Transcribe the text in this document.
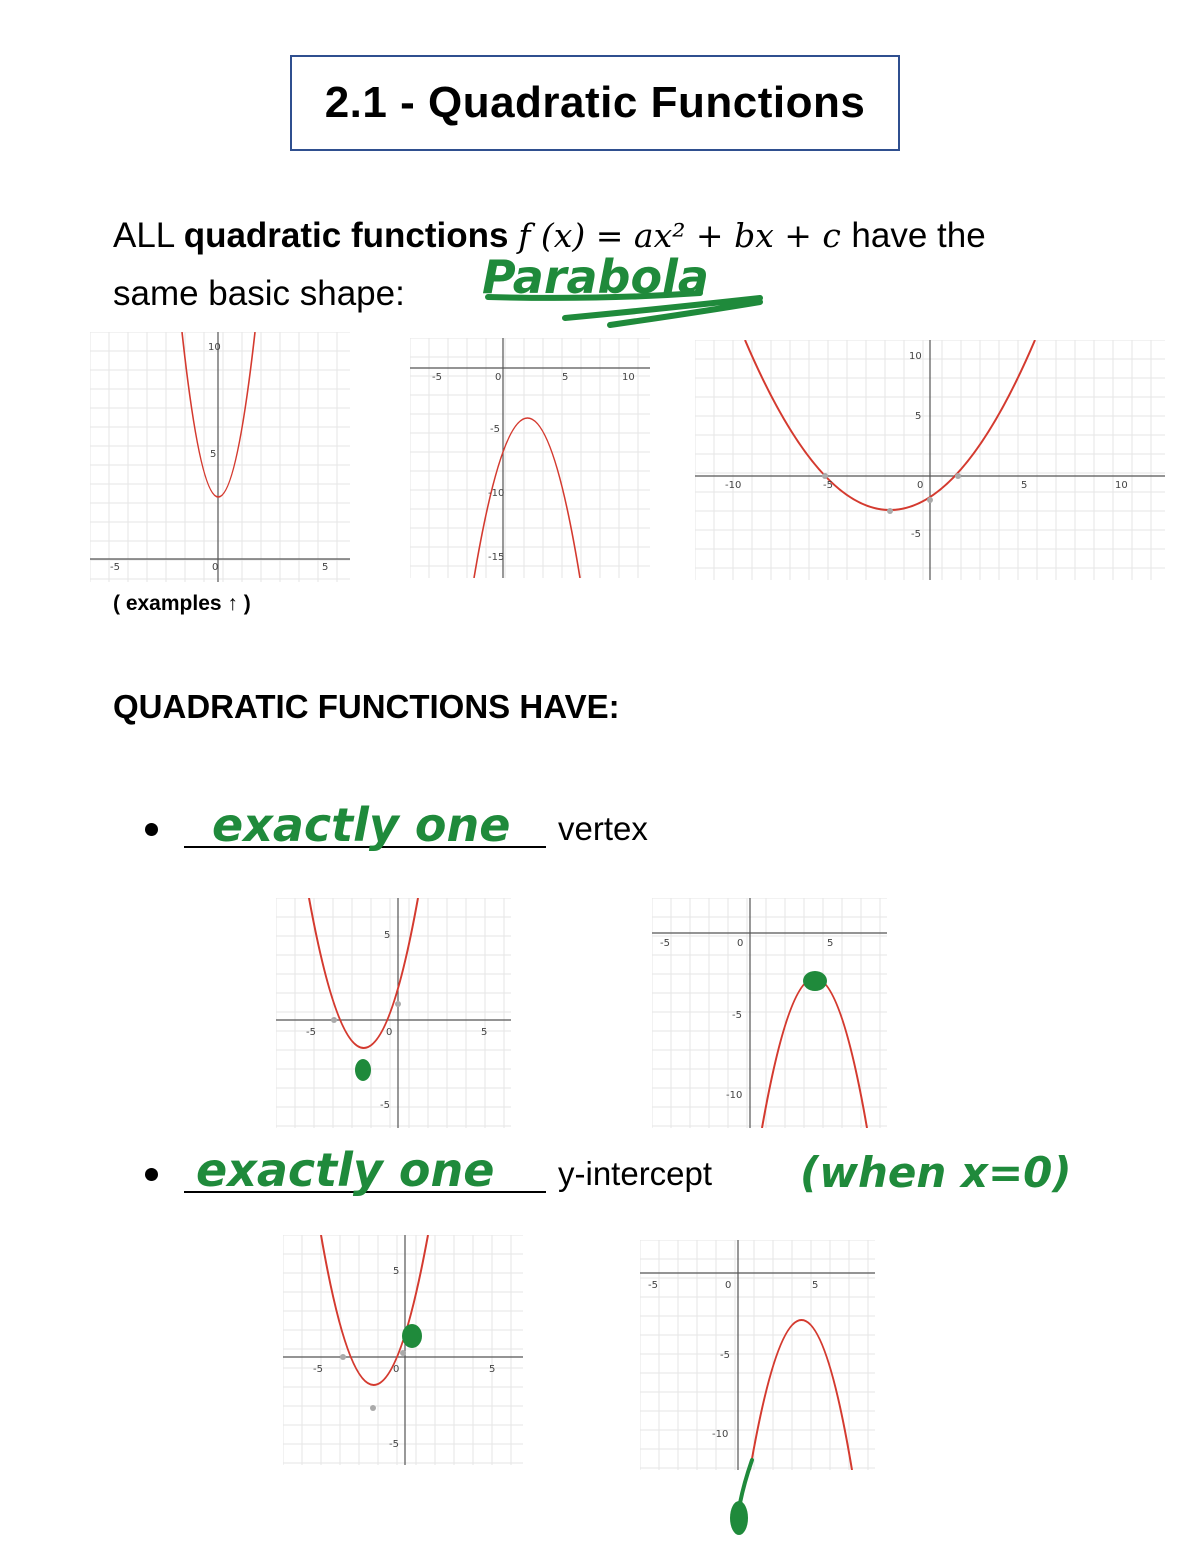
2.1 - Quadratic Functions
ALL quadratic functions f (x) = ax² + bx + c have the
same basic shape:	Parabola
-5	0	5
10
5
-5	0	5	10
-5
-10
-15
-10	-5	0	5	10
10
5
-5
( examples ↑ )
QUADRATIC FUNCTIONS HAVE:
exactly one vertex
-5	0	5
5
-5
-5	0	5
-5
-10
exactly one y-intercept (when x=0)
-5	0	5
5
-5
-5	0	5
-5
-10
